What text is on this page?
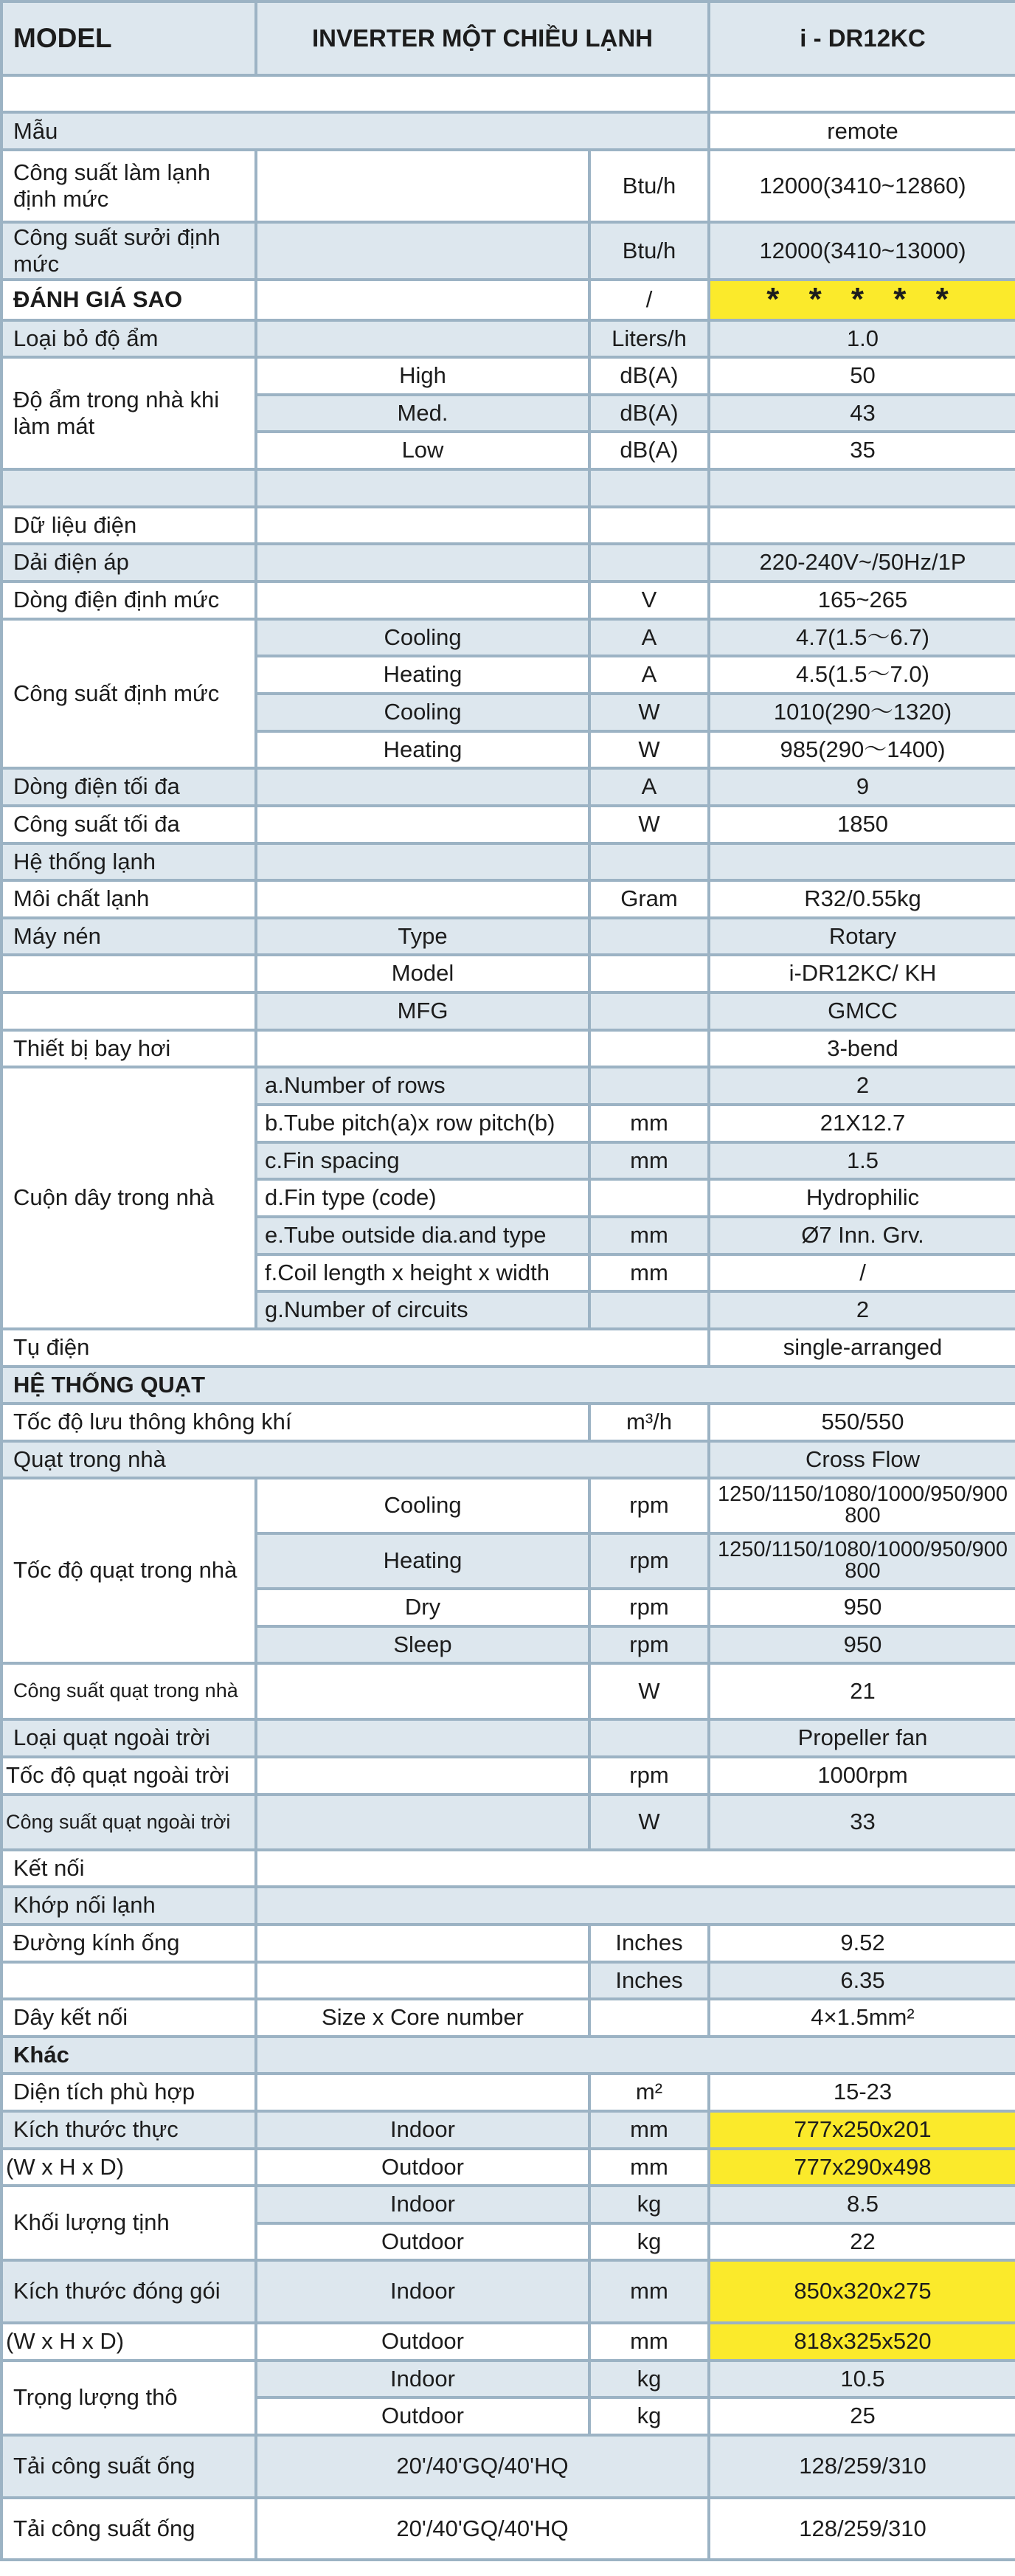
MODEL	INVERTER MỘT CHIỀU LẠNH		i - DR12KC

Mẫu			remote
Công suất làm lạnh định mức		Btu/h	12000(3410~12860)
Công suất sưởi định mức		Btu/h	12000(3410~13000)
ĐÁNH GIÁ SAO		/	* * * * *
Loại bỏ độ ẩm		Liters/h	1.0
Độ ẩm trong nhà khi làm mát	High	dB(A)	50
	Med.	dB(A)	43
	Low	dB(A)	35

Dữ liệu điện			
Dải điện áp			220-240V~/50Hz/1P
Dòng điện định mức		V	165~265
Công suất định mức	Cooling	A	4.7(1.5～6.7)
	Heating	A	4.5(1.5～7.0)
	Cooling	W	1010(290～1320)
	Heating	W	985(290～1400)
Dòng điện tối đa		A	9
Công suất tối đa		W	1850
Hệ thống lạnh			
Môi chất lạnh		Gram	R32/0.55kg
Máy nén	Type		Rotary
	Model		i-DR12KC/ KH
	MFG		GMCC
Thiết bị bay hơi			3-bend
Cuộn dây trong nhà	a.Number of rows		2
	b.Tube pitch(a)x row pitch(b)	mm	21X12.7
	c.Fin spacing	mm	1.5
	d.Fin type (code)		Hydrophilic
	e.Tube outside dia.and type	mm	Ø7 Inn. Grv.
	f.Coil length x height x width	mm	/
	g.Number of circuits		2
Tụ điện			single-arranged
HỆ THỐNG QUẠT			
Tốc độ lưu thông không khí		m³/h	550/550
Quạt trong nhà			Cross Flow
Tốc độ quạt trong nhà	Cooling	rpm	1250/1150/1080/1000/950/900 800
	Heating	rpm	1250/1150/1080/1000/950/900 800
	Dry	rpm	950
	Sleep	rpm	950
Công suất quạt trong nhà		W	21
Loại quạt ngoài trời			Propeller fan
Tốc độ quạt ngoài trời		rpm	1000rpm
Công suất quạt ngoài trời		W	33
Kết nối			
Khớp nối lạnh			
Đường kính ống		Inches	9.52
		Inches	6.35
Dây kết nối	Size x Core number		4×1.5mm²
Khác			
Diện tích phù hợp		m²	15-23
Kích thước thực	Indoor	mm	777x250x201
(W x H x D)	Outdoor	mm	777x290x498
Khối lượng tịnh	Indoor	kg	8.5
	Outdoor	kg	22
Kích thước đóng gói	Indoor	mm	850x320x275
(W x H x D)	Outdoor	mm	818x325x520
Trọng lượng thô	Indoor	kg	10.5
	Outdoor	kg	25
Tải công suất ống	20'/40'GQ/40'HQ		128/259/310
Tải công suất ống	20'/40'GQ/40'HQ		128/259/310
